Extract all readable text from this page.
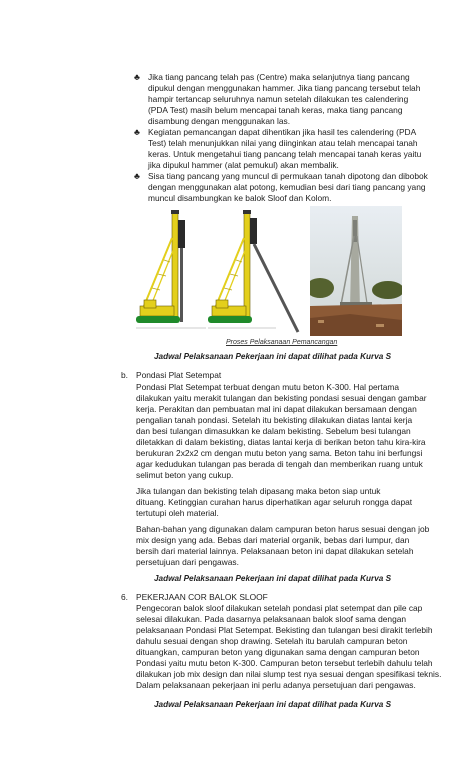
♣ Jika tiang pancang telah pas (Centre) maka selanjutnya tiang pancang
dipukul dengan menggunakan hammer. Jika tiang pancang tersebut telah
hampir tertancap seluruhnya namun setelah dilakukan tes calendering
(PDA Test) masih belum mencapai tanah keras, maka tiang pancang
disambung dengan menggunakan las.
♣ Kegiatan pemancangan dapat dihentikan jika hasil tes calendering (PDA
Test) telah menunjukkan nilai yang diinginkan atau telah mencapai tanah
keras. Untuk mengetahui tiang pancang telah mencapai tanah keras yaitu
jika dipukul hammer (alat pemukul) akan membalik.
♣ Sisa tiang pancang yang muncul di permukaan tanah dipotong dan dibobok
dengan menggunakan alat potong, kemudian besi dari tiang pancang yang
muncul disambungkan ke balok Sloof dan Kolom.
Proses Pelaksanaan Pemancangan
Jadwal Pelaksanaan Pekerjaan ini dapat dilihat pada Kurva S
b. Pondasi Plat Setempat
Pondasi Plat Setempat terbuat dengan mutu beton K-300. Hal pertama
dilakukan yaitu merakit tulangan dan bekisting pondasi sesuai dengan gambar
kerja. Perakitan dan pembuatan mal ini dapat dilakukan bersamaan dengan
pengalian tanah pondasi. Setelah itu bekisting dilakukan diatas lantai kerja
dan besi tulangan dimasukkan ke dalam bekisting. Sebelum besi tulangan
diletakkan di dalam bekisting, diatas lantai kerja di berikan beton tahu kira-kira
berukuran 2x2x2 cm dengan mutu beton yang sama. Beton tahu ini berfungsi
agar kedudukan tulangan pas berada di tengah dan memberikan ruang untuk
selimut beton yang cukup.
Jika tulangan dan bekisting telah dipasang maka beton siap untuk
dituang. Ketinggian curahan harus diperhatikan agar seluruh rongga dapat
tertutupi oleh material.
Bahan-bahan yang digunakan dalam campuran beton harus sesuai dengan job
mix design yang ada. Bebas dari material organik, bebas dari lumpur, dan
bersih dari material lainnya. Pelaksanaan beton ini dapat dilakukan setelah
persetujuan dari pengawas.
Jadwal Pelaksanaan Pekerjaan ini dapat dilihat pada Kurva S
6. PEKERJAAN COR BALOK SLOOF
Pengecoran balok sloof dilakukan setelah pondasi plat setempat dan pile cap
selesai dilakukan. Pada dasarnya pelaksanaan balok sloof sama dengan
pelaksanaan Pondasi Plat Setempat. Bekisting dan tulangan besi dirakit terlebih
dahulu sesuai dengan shop drawing. Setelah itu barulah campuran beton
dituangkan, campuran beton yang digunakan sama dengan campuran beton
Pondasi yaitu mutu beton K-300. Campuran beton tersebut terlebih dahulu telah
dilakukan job mix design dan nilai slump test nya sesuai dengan spesifikasi teknis.
Dalam pelaksanaan pekerjaan ini perlu adanya persetujuan dari pengawas.
Jadwal Pelaksanaan Pekerjaan ini dapat dilihat pada Kurva S
